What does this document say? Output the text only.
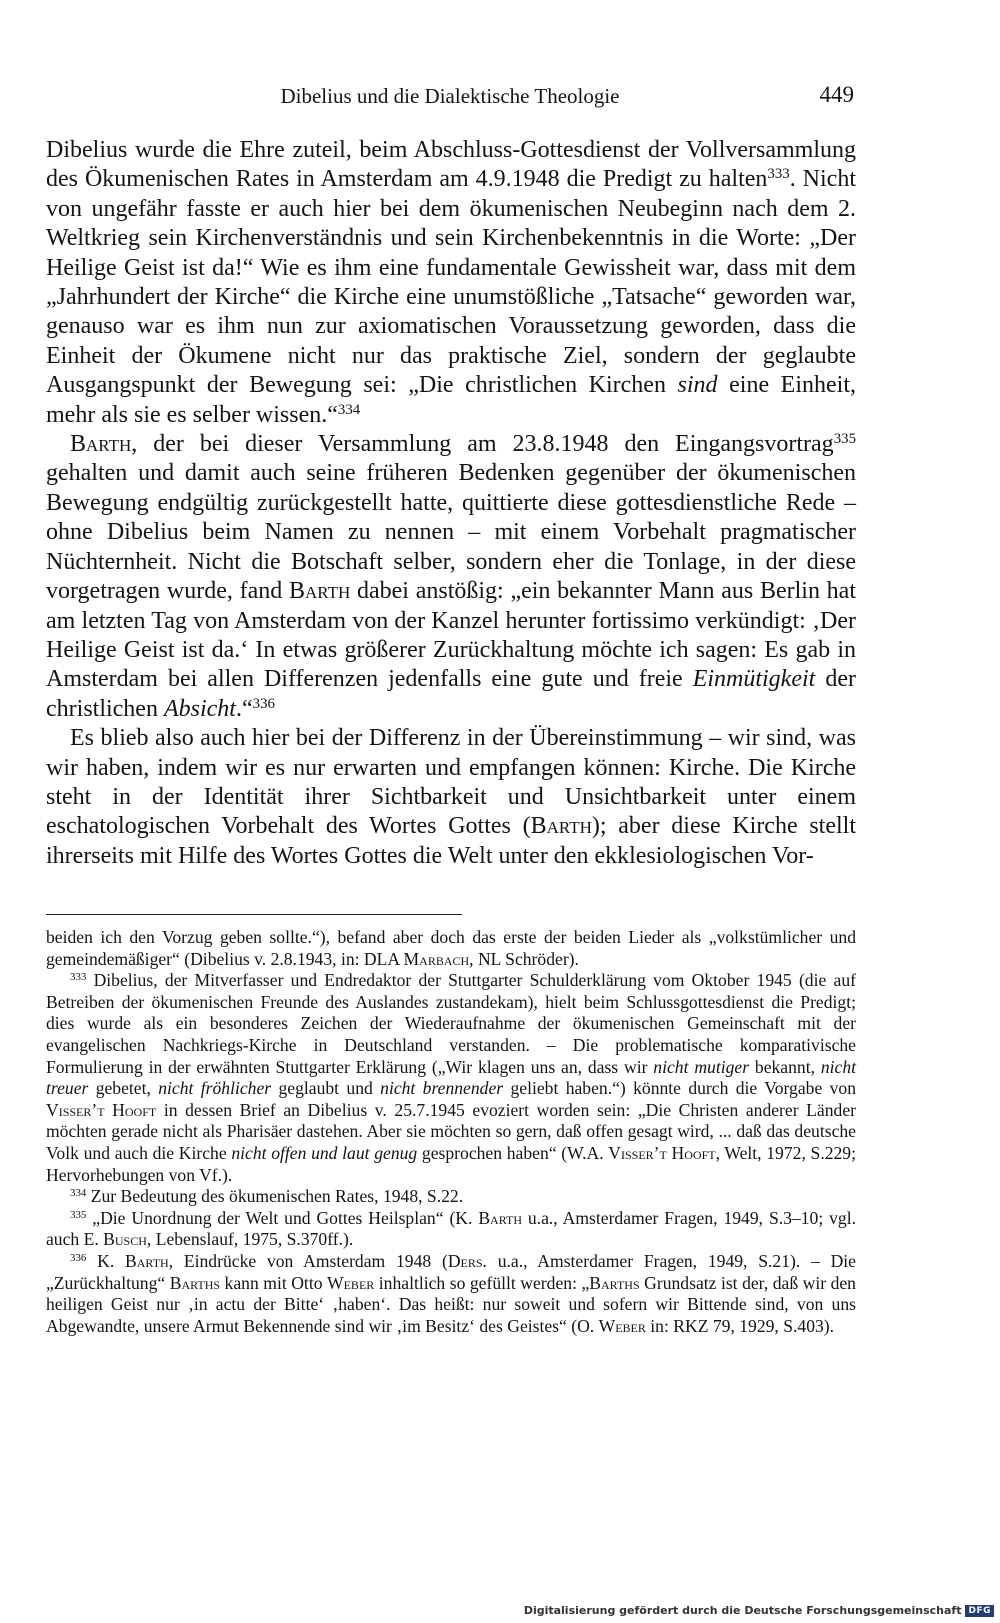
Dibelius und die Dialektische Theologie	449

Dibelius wurde die Ehre zuteil, beim Abschluss-Gottesdienst der Vollversammlung des Ökumenischen Rates in Amsterdam am 4.9.1948 die Predigt zu halten$^{333}$. Nicht von ungefähr fasste er auch hier bei dem ökumenischen Neubeginn nach dem 2. Weltkrieg sein Kirchenverständnis und sein Kirchenbekenntnis in die Worte: „Der Heilige Geist ist da!“ Wie es ihm eine fundamentale Gewissheit war, dass mit dem „Jahrhundert der Kirche“ die Kirche eine unumstößliche „Tatsache“ geworden war, genauso war es ihm nun zur axiomatischen Voraussetzung geworden, dass die Einheit der Ökumene nicht nur das praktische Ziel, sondern der geglaubte Ausgangspunkt der Bewegung sei: „Die christlichen Kirchen sind eine Einheit, mehr als sie es selber wissen.“$^{334}$

Barth, der bei dieser Versammlung am 23.8.1948 den Eingangsvortrag$^{335}$ gehalten und damit auch seine früheren Bedenken gegenüber der ökumenischen Bewegung endgültig zurückgestellt hatte, quittierte diese gottesdienstliche Rede – ohne Dibelius beim Namen zu nennen – mit einem Vorbehalt pragmatischer Nüchternheit. Nicht die Botschaft selber, sondern eher die Tonlage, in der diese vorgetragen wurde, fand Barth dabei anstößig: „ein bekannter Mann aus Berlin hat am letzten Tag von Amsterdam von der Kanzel herunter fortissimo verkündigt: ‚Der Heilige Geist ist da.‘ In etwas größerer Zurückhaltung möchte ich sagen: Es gab in Amsterdam bei allen Differenzen jedenfalls eine gute und freie Einmütigkeit der christlichen Absicht.“$^{336}$

Es blieb also auch hier bei der Differenz in der Übereinstimmung – wir sind, was wir haben, indem wir es nur erwarten und empfangen können: Kirche. Die Kirche steht in der Identität ihrer Sichtbarkeit und Unsichtbarkeit unter einem eschatologischen Vorbehalt des Wortes Gottes (Barth); aber diese Kirche stellt ihrerseits mit Hilfe des Wortes Gottes die Welt unter den ekklesiologischen Vor-

beiden ich den Vorzug geben sollte.“), befand aber doch das erste der beiden Lieder als „volkstümlicher und gemeindemäßiger“ (Dibelius v. 2.8.1943, in: DLA Marbach, NL Schröder).

$^{333}$ Dibelius, der Mitverfasser und Endredaktor der Stuttgarter Schulderklärung vom Oktober 1945 (die auf Betreiben der ökumenischen Freunde des Auslandes zustandekam), hielt beim Schlussgottesdienst die Predigt; dies wurde als ein besonderes Zeichen der Wiederaufnahme der ökumenischen Gemeinschaft mit der evangelischen Nachkriegs-Kirche in Deutschland verstanden. – Die problematische komparativische Formulierung in der erwähnten Stuttgarter Erklärung („Wir klagen uns an, dass wir nicht mutiger bekannt, nicht treuer gebetet, nicht fröhlicher geglaubt und nicht brennender geliebt haben.“) könnte durch die Vorgabe von Visser’t Hooft in dessen Brief an Dibelius v. 25.7.1945 evoziert worden sein: „Die Christen anderer Länder möchten gerade nicht als Pharisäer dastehen. Aber sie möchten so gern, daß offen gesagt wird, ... daß das deutsche Volk und auch die Kirche nicht offen und laut genug gesprochen haben“ (W.A. Visser’t Hooft, Welt, 1972, S.229; Hervorhebungen von Vf.).

$^{334}$ Zur Bedeutung des ökumenischen Rates, 1948, S.22.

$^{335}$ „Die Unordnung der Welt und Gottes Heilsplan“ (K. Barth u.a., Amsterdamer Fragen, 1949, S.3–10; vgl. auch E. Busch, Lebenslauf, 1975, S.370ff.).

$^{336}$ K. Barth, Eindrücke von Amsterdam 1948 (Ders. u.a., Amsterdamer Fragen, 1949, S.21). – Die „Zurückhaltung“ Barths kann mit Otto Weber inhaltlich so gefüllt werden: „Barths Grundsatz ist der, daß wir den heiligen Geist nur ‚in actu der Bitte‘ ‚haben‘. Das heißt: nur soweit und sofern wir Bittende sind, von uns Abgewandte, unsere Armut Bekennende sind wir ‚im Besitz‘ des Geistes“ (O. Weber in: RKZ 79, 1929, S.403).

Digitalisierung gefördert durch die Deutsche Forschungsgemeinschaft DFG
